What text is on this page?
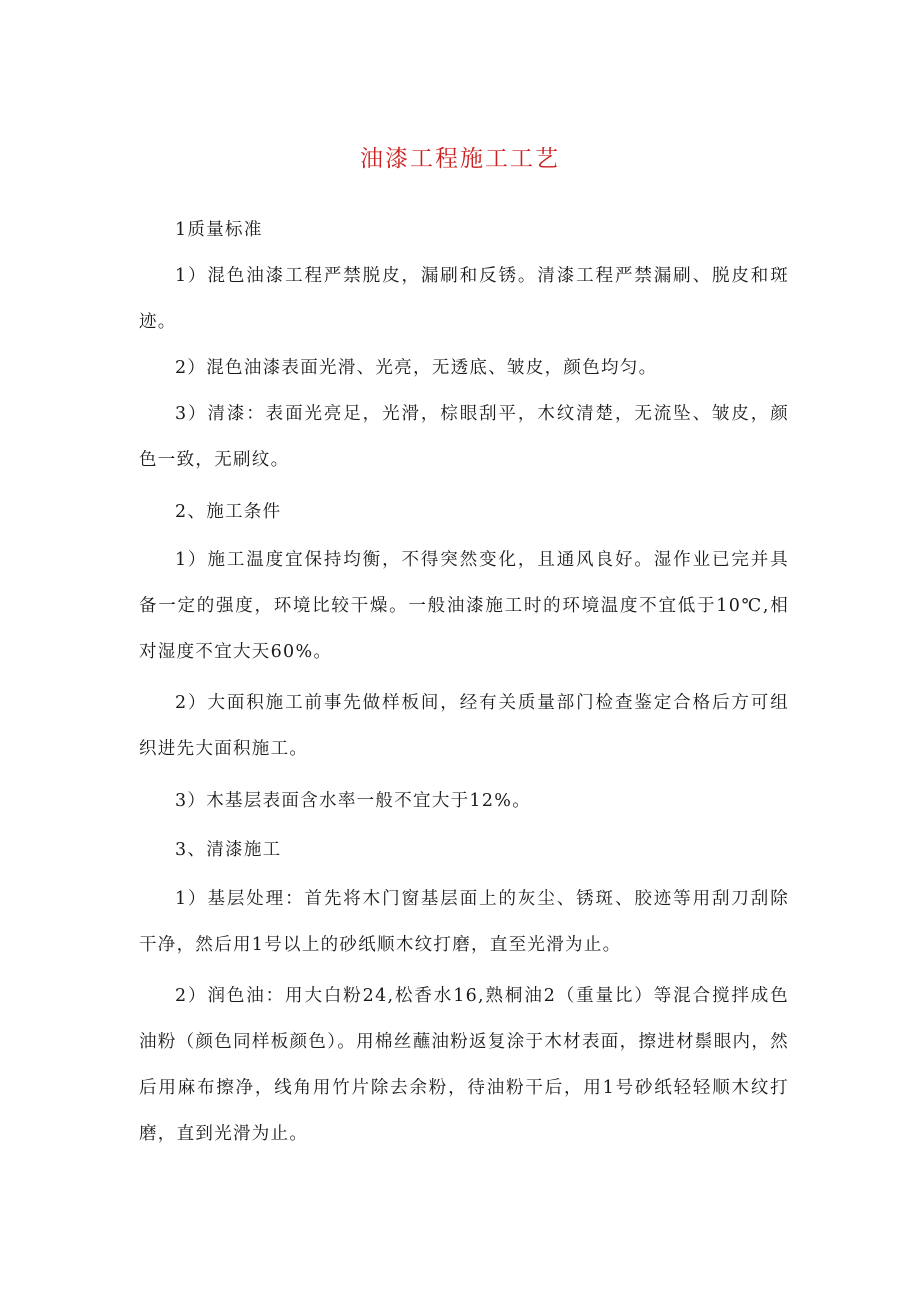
油漆工程施工工艺

1质量标准

1）混色油漆工程严禁脱皮，漏刷和反锈。清漆工程严禁漏刷、脱皮和斑迹。

2）混色油漆表面光滑、光亮，无透底、皱皮，颜色均匀。

3）清漆：表面光亮足，光滑，棕眼刮平，木纹清楚，无流坠、皱皮，颜色一致，无刷纹。

2、施工条件

1）施工温度宜保持均衡，不得突然变化，且通风良好。湿作业已完并具备一定的强度，环境比较干燥。一般油漆施工时的环境温度不宜低于10℃,相对湿度不宜大天60%。

2）大面积施工前事先做样板间，经有关质量部门检查鉴定合格后方可组织进先大面积施工。

3）木基层表面含水率一般不宜大于12%。

3、清漆施工

1）基层处理：首先将木门窗基层面上的灰尘、锈斑、胶迹等用刮刀刮除干净，然后用1号以上的砂纸顺木纹打磨，直至光滑为止。

2）润色油：用大白粉24,松香水16,熟桐油2（重量比）等混合搅拌成色油粉（颜色同样板颜色）。用棉丝蘸油粉返复涂于木材表面，擦进材鬃眼内，然后用麻布擦净，线角用竹片除去余粉，待油粉干后，用1号砂纸轻轻顺木纹打磨，直到光滑为止。
